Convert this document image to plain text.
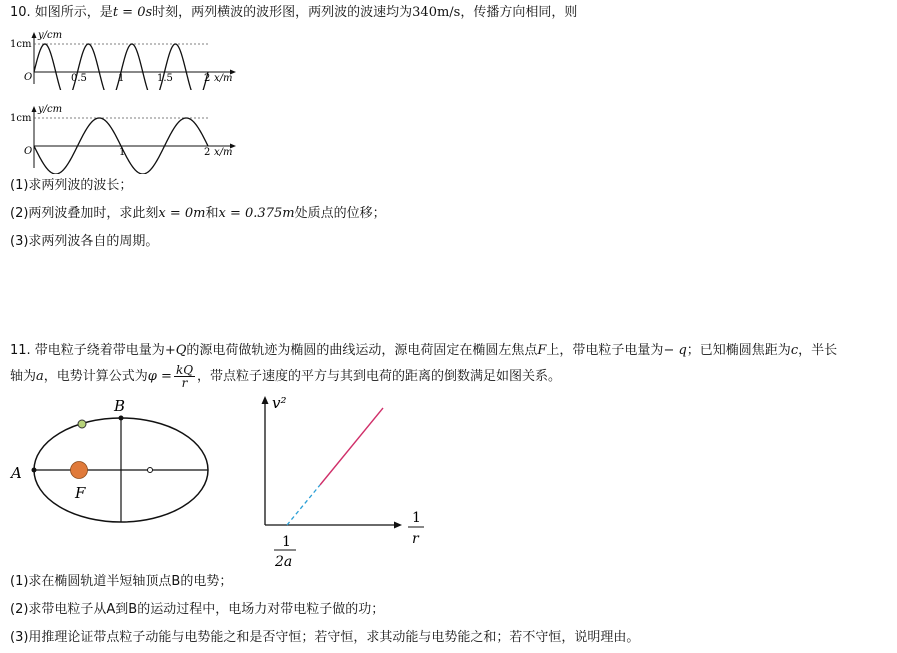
10. 如图所示，是t = 0s时刻，两列横波的波形图，两列波的波速均为340m/s，传播方向相同，则
y/cm
1cm
O	0.5	1	1.5	2 x/m
y/cm
1cm
O	1	2 x/m
(1)求两列波的波长；
(2)两列波叠加时，求此刻x = 0m和x = 0.375m处质点的位移；
(3)求两列波各自的周期。
11. 带电粒子绕着带电量为+Q的源电荷做轨迹为椭圆的曲线运动，源电荷固定在椭圆左焦点F上，带电粒子电量为− q；已知椭圆焦距为c，半长
轴为a，电势计算公式为$\varphi = \frac{kQ}{r}$ ，带点粒子速度的平方与其到电荷的距离的倒数满足如图关系。
A
B
F
v²
1
r
1
2a
(1)求在椭圆轨道半短轴顶点B的电势；
(2)求带电粒子从A到B的运动过程中，电场力对带电粒子做的功；
(3)用推理论证带点粒子动能与电势能之和是否守恒；若守恒，求其动能与电势能之和；若不守恒，说明理由。
